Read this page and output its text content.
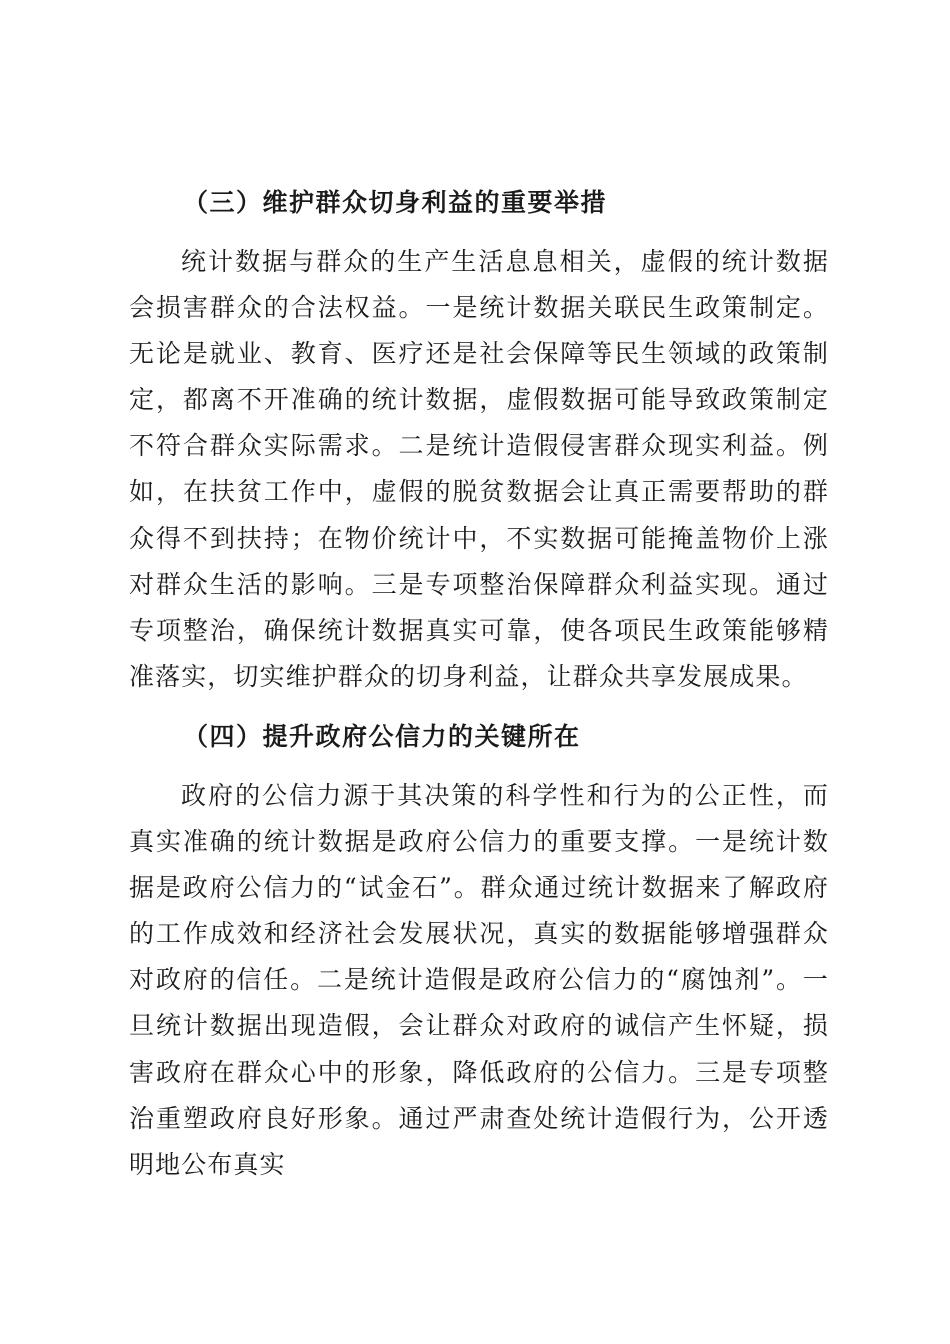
（三）维护群众切身利益的重要举措

统计数据与群众的生产生活息息相关，虚假的统计数据会损害群众的合法权益。一是统计数据关联民生政策制定。无论是就业、教育、医疗还是社会保障等民生领域的政策制定，都离不开准确的统计数据，虚假数据可能导致政策制定不符合群众实际需求。二是统计造假侵害群众现实利益。例如，在扶贫工作中，虚假的脱贫数据会让真正需要帮助的群众得不到扶持；在物价统计中，不实数据可能掩盖物价上涨对群众生活的影响。三是专项整治保障群众利益实现。通过专项整治，确保统计数据真实可靠，使各项民生政策能够精准落实，切实维护群众的切身利益，让群众共享发展成果。

（四）提升政府公信力的关键所在

政府的公信力源于其决策的科学性和行为的公正性，而真实准确的统计数据是政府公信力的重要支撑。一是统计数据是政府公信力的“试金石”。群众通过统计数据来了解政府的工作成效和经济社会发展状况，真实的数据能够增强群众对政府的信任。二是统计造假是政府公信力的“腐蚀剂”。一旦统计数据出现造假，会让群众对政府的诚信产生怀疑，损害政府在群众心中的形象，降低政府的公信力。三是专项整治重塑政府良好形象。通过严肃查处统计造假行为，公开透明地公布真实
